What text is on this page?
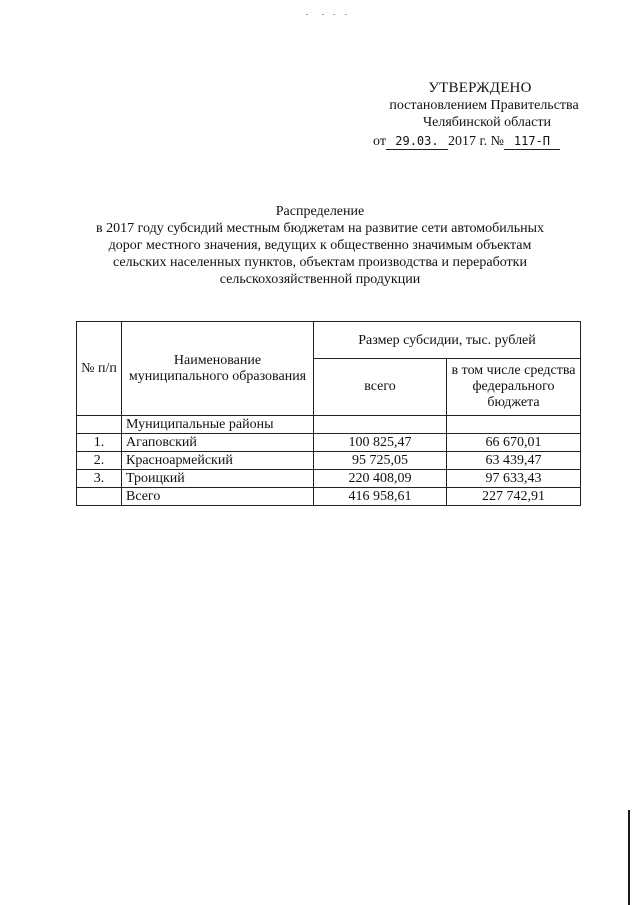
УТВЕРЖДЕНО
постановлением Правительства
Челябинской области
от 29.03. 2017 г. № 117-П
Распределение
в 2017 году субсидий местным бюджетам на развитие сети автомобильных
дорог местного значения, ведущих к общественно значимым объектам
сельских населенных пунктов, объектам производства и переработки
сельскохозяйственной продукции
№ п/п	Наименование муниципального образования	Размер субсидии, тыс. рублей	
		всего	в том числе средства федерального бюджета
	Муниципальные районы		
1.	Агаповский	100 825,47	66 670,01
2.	Красноармейский	95 725,05	63 439,47
3.	Троицкий	220 408,09	97 633,43
	Всего	416 958,61	227 742,91
